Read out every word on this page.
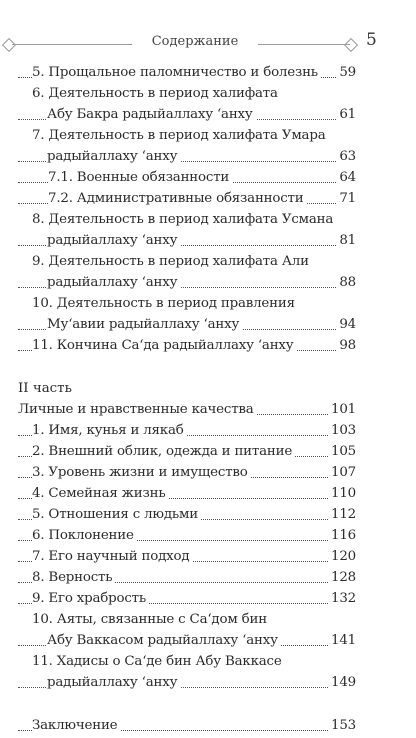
Содержание	5
5. Прощальное паломничество и болезнь	59
6. Деятельность в период халифата
Абу Бакра радыйаллаху ‘анху	61
7. Деятельность в период халифата Умара
радыйаллаху ‘анху	63
7.1. Военные обязанности	64
7.2. Административные обязанности	71
8. Деятельность в период халифата Усмана
радыйаллаху ‘анху	81
9. Деятельность в период халифата Али
радыйаллаху ‘анху	88
10. Деятельность в период правления
Му‘авии радыйаллаху ‘анху	94
11. Кончина Са‘да радыйаллаху ‘анху	98
II часть
Личные и нравственные качества	101
1. Имя, кунья и лякаб	103
2. Внешний облик, одежда и питание	105
3. Уровень жизни и имущество	107
4. Семейная жизнь	110
5. Отношения с людьми	112
6. Поклонение	116
7. Его научный подход	120
8. Верность	128
9. Его храбрость	132
10. Аяты, связанные с Са‘дом бин
Абу Ваккасом радыйаллаху ‘анху	141
11. Хадисы о Са‘де бин Абу Ваккасе
радыйаллаху ‘анху	149
Заключение	153
